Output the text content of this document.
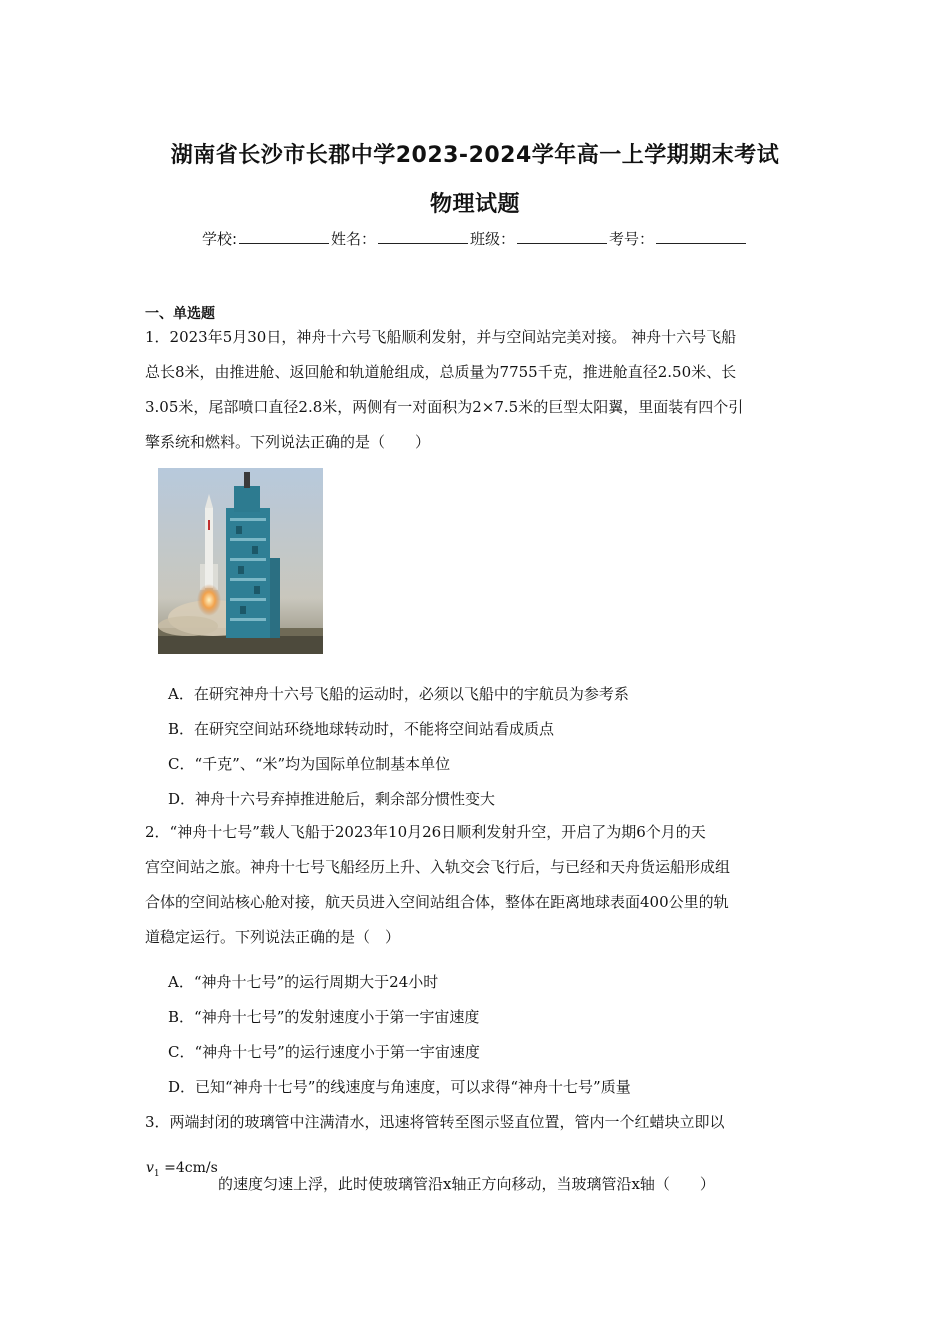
湖南省长沙市长郡中学2023-2024学年高一上学期期末考试
物理试题
学校:	姓名：	班级：	考号：
一、单选题
1．2023年5月30日，神舟十六号飞船顺利发射，并与空间站完美对接。 神舟十六号飞船
总长8米，由推进舱、返回舱和轨道舱组成，总质量为7755千克，推进舱直径2.50米、长
3.05米，尾部喷口直径2.8米，两侧有一对面积为2×7.5米的巨型太阳翼，里面装有四个引
擎系统和燃料。下列说法正确的是（　　）
A．在研究神舟十六号飞船的运动时，必须以飞船中的宇航员为参考系
B．在研究空间站环绕地球转动时，不能将空间站看成质点
C．“千克”、“米”均为国际单位制基本单位
D．神舟十六号弃掉推进舱后，剩余部分惯性变大
2．“神舟十七号”载人飞船于2023年10月26日顺利发射升空，开启了为期6个月的天
宫空间站之旅。神舟十七号飞船经历上升、入轨交会飞行后，与已经和天舟货运船形成组
合体的空间站核心舱对接，航天员进入空间站组合体，整体在距离地球表面400公里的轨
道稳定运行。下列说法正确的是（　）
A．“神舟十七号”的运行周期大于24小时
B．“神舟十七号”的发射速度小于第一宇宙速度
C．“神舟十七号”的运行速度小于第一宇宙速度
D．已知“神舟十七号”的线速度与角速度，可以求得“神舟十七号”质量
3．两端封闭的玻璃管中注满清水，迅速将管转至图示竖直位置，管内一个红蜡块立即以
$v_1 =4cm/s$
的速度匀速上浮，此时使玻璃管沿x轴正方向移动，当玻璃管沿x轴（　　）
